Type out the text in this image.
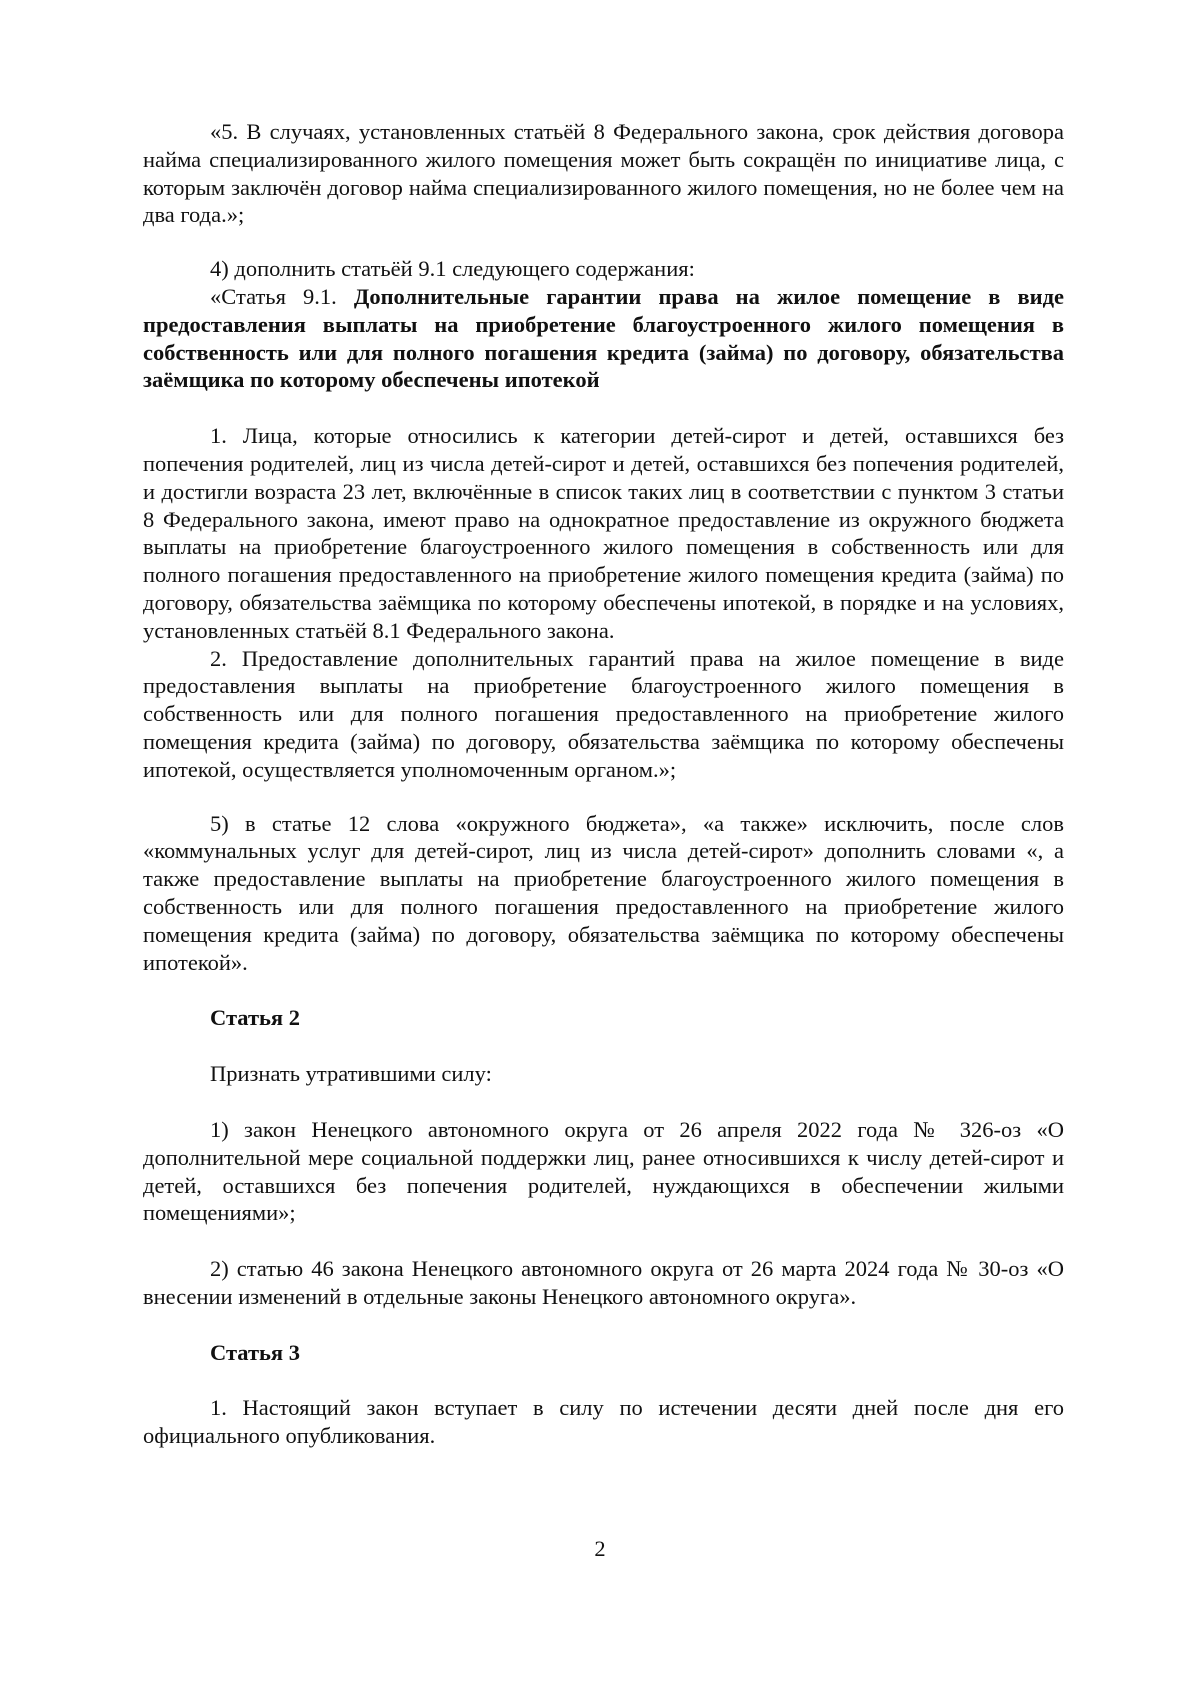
«5. В случаях, установленных статьёй 8 Федерального закона, срок действия договора найма специализированного жилого помещения может быть сокращён по инициативе лица, с которым заключён договор найма специализированного жилого помещения, но не более чем на два года.»;

4) дополнить статьёй 9.1 следующего содержания:

«Статья 9.1. Дополнительные гарантии права на жилое помещение в виде предоставления выплаты на приобретение благоустроенного жилого помещения в собственность или для полного погашения кредита (займа) по договору, обязательства заёмщика по которому обеспечены ипотекой

1. Лица, которые относились к категории детей-сирот и детей, оставшихся без попечения родителей, лиц из числа детей-сирот и детей, оставшихся без попечения родителей, и достигли возраста 23 лет, включённые в список таких лиц в соответствии с пунктом 3 статьи 8 Федерального закона, имеют право на однократное предоставление из окружного бюджета выплаты на приобретение благоустроенного жилого помещения в собственность или для полного погашения предоставленного на приобретение жилого помещения кредита (займа) по договору, обязательства заёмщика по которому обеспечены ипотекой, в порядке и на условиях, установленных статьёй 8.1 Федерального закона.

2. Предоставление дополнительных гарантий права на жилое помещение в виде предоставления выплаты на приобретение благоустроенного жилого помещения в собственность или для полного погашения предоставленного на приобретение жилого помещения кредита (займа) по договору, обязательства заёмщика по которому обеспечены ипотекой, осуществляется уполномоченным органом.»;

5) в статье 12 слова «окружного бюджета», «а также» исключить, после слов «коммунальных услуг для детей-сирот, лиц из числа детей-сирот» дополнить словами «, а также предоставление выплаты на приобретение благоустроенного жилого помещения в собственность или для полного погашения предоставленного на приобретение жилого помещения кредита (займа) по договору, обязательства заёмщика по которому обеспечены ипотекой».

Статья 2

Признать утратившими силу:

1) закон Ненецкого автономного округа от 26 апреля 2022 года № 326-оз «О дополнительной мере социальной поддержки лиц, ранее относившихся к числу детей-сирот и детей, оставшихся без попечения родителей, нуждающихся в обеспечении жилыми помещениями»;

2) статью 46 закона Ненецкого автономного округа от 26 марта 2024 года № 30-оз «О внесении изменений в отдельные законы Ненецкого автономного округа».

Статья 3

1. Настоящий закон вступает в силу по истечении десяти дней после дня его официального опубликования.

2
